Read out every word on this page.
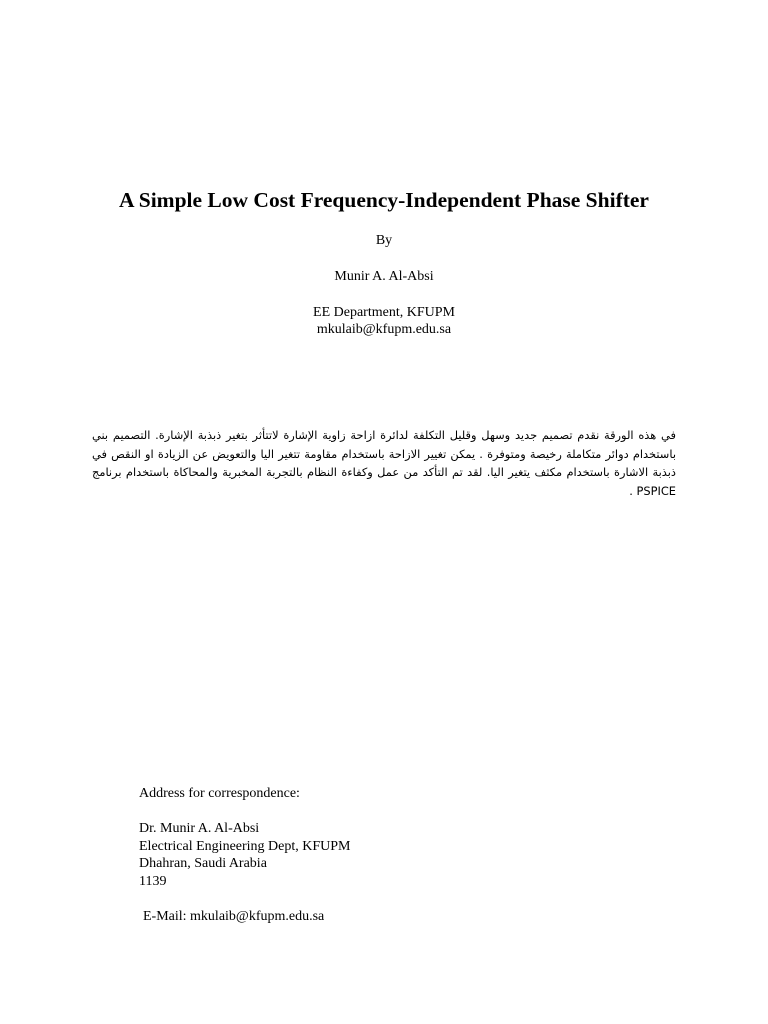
A Simple Low Cost Frequency-Independent Phase Shifter
By
Munir A. Al-Absi
EE Department, KFUPM
mkulaib@kfupm.edu.sa
في هذه الورقة نقدم تصميم جديد وسهل وقليل التكلفة لدائرة ازاحة زاوية الإشارة لاتتأثر بتغير ذبذبة الإشارة. التصميم بني باستخدام دوائر متكاملة رخيصة ومتوفرة . يمكن تغيير الازاحة باستخدام مقاومة تتغير اليا والتعويض عن الزيادة او النقص في ذبذبة الاشارة باستخدام مكثف يتغير اليا. لقد تم التأكد من عمل وكفاءة النظام بالتجربة المخبرية والمحاكاة باستخدام برنامج PSPICE .
Address for correspondence:
Dr. Munir A. Al-Absi
Electrical Engineering Dept, KFUPM
Dhahran, Saudi Arabia
1139
E-Mail: mkulaib@kfupm.edu.sa
